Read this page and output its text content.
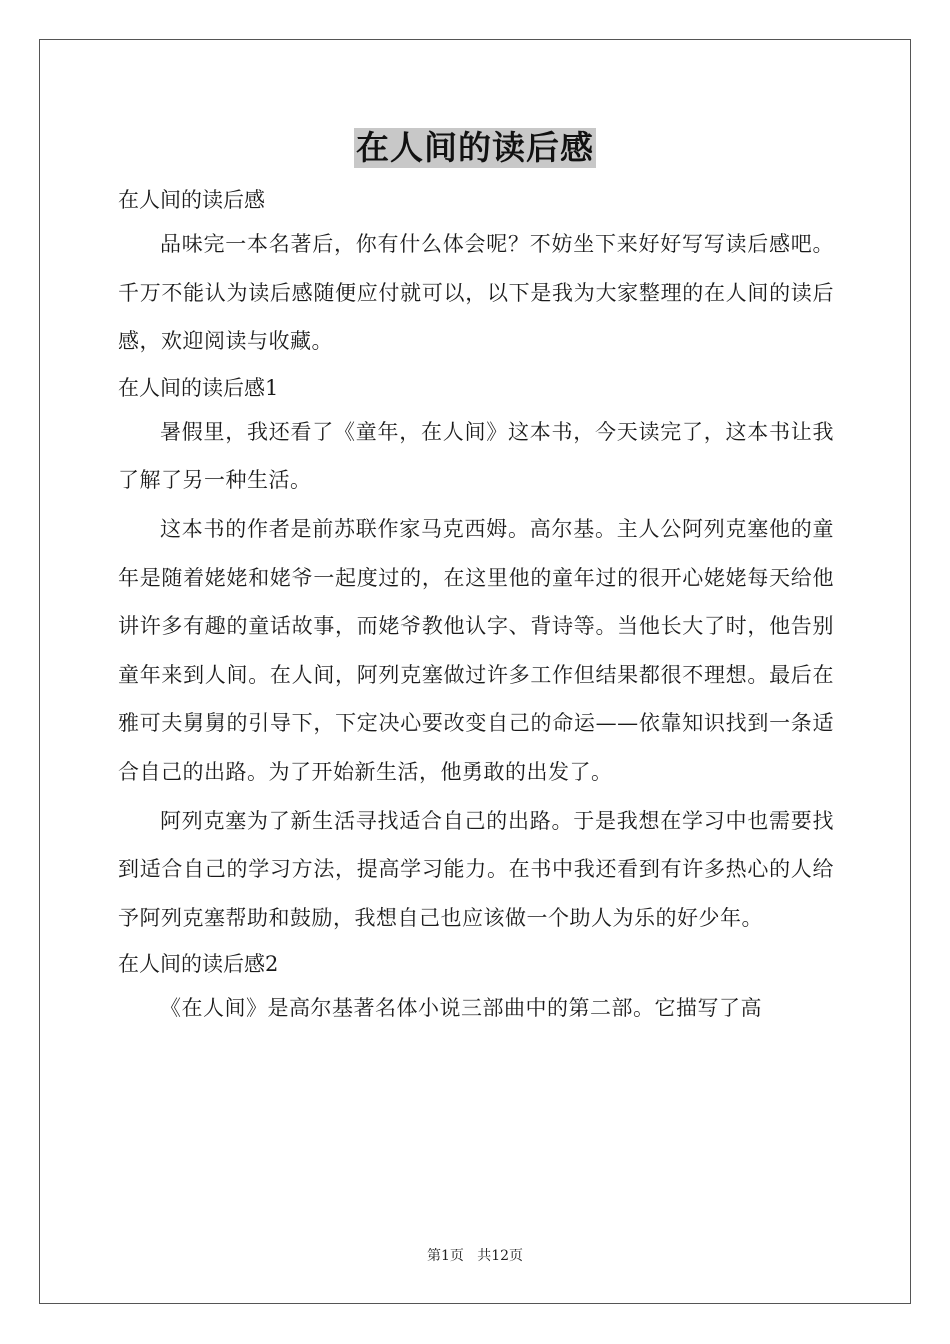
在人间的读后感

在人间的读后感

品味完一本名著后，你有什么体会呢？不妨坐下来好好写写读后感吧。千万不能认为读后感随便应付就可以，以下是我为大家整理的在人间的读后感，欢迎阅读与收藏。

在人间的读后感1

暑假里，我还看了《童年，在人间》这本书，今天读完了，这本书让我了解了另一种生活。

这本书的作者是前苏联作家马克西姆。高尔基。主人公阿列克塞他的童年是随着姥姥和姥爷一起度过的，在这里他的童年过的很开心姥姥每天给他讲许多有趣的童话故事，而姥爷教他认字、背诗等。当他长大了时，他告别童年来到人间。在人间，阿列克塞做过许多工作但结果都很不理想。最后在雅可夫舅舅的引导下，下定决心要改变自己的命运——依靠知识找到一条适合自己的出路。为了开始新生活，他勇敢的出发了。

阿列克塞为了新生活寻找适合自己的出路。于是我想在学习中也需要找到适合自己的学习方法，提高学习能力。在书中我还看到有许多热心的人给予阿列克塞帮助和鼓励，我想自己也应该做一个助人为乐的好少年。

在人间的读后感2

《在人间》是高尔基著名体小说三部曲中的第二部。它描写了高

第1页   共12页
